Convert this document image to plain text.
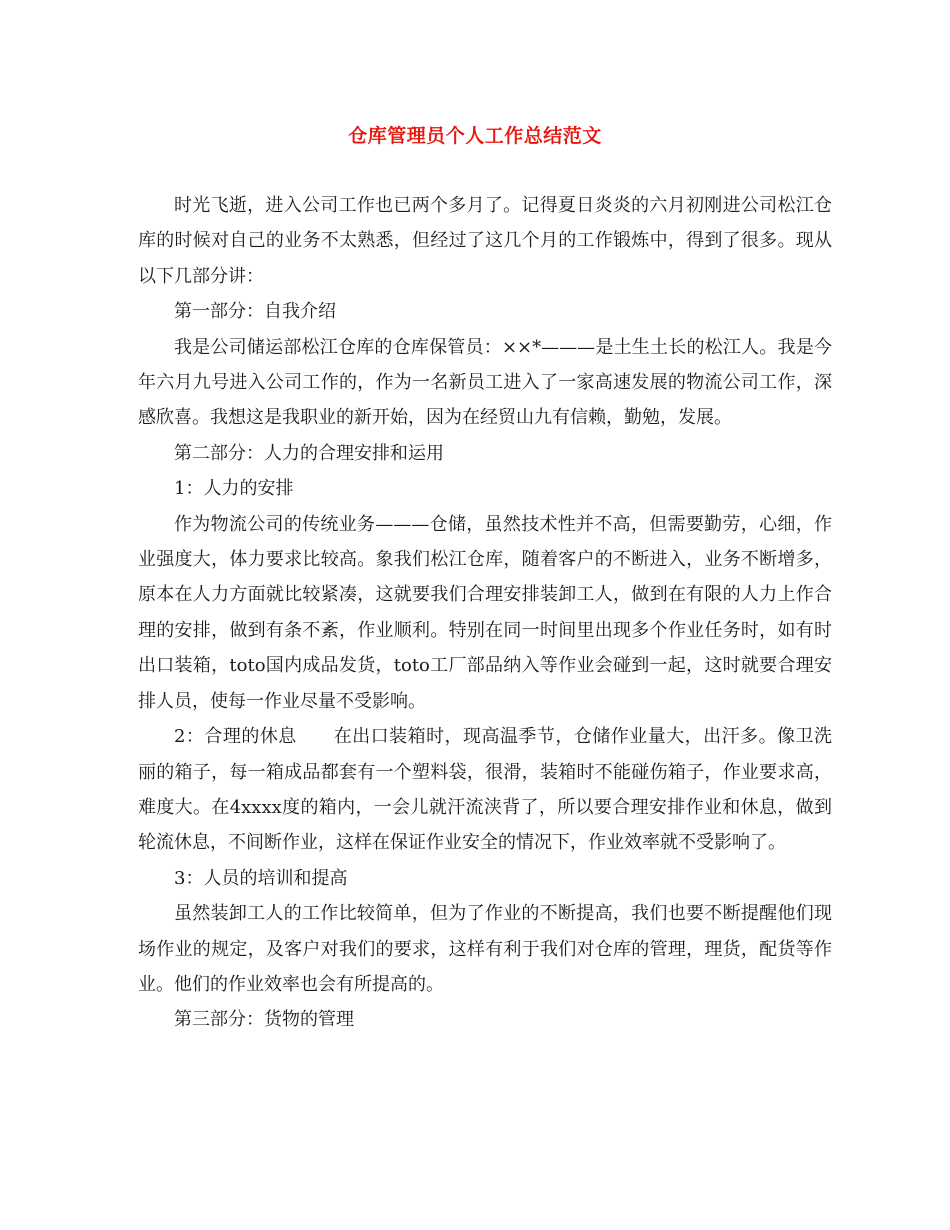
仓库管理员个人工作总结范文

时光飞逝，进入公司工作也已两个多月了。记得夏日炎炎的六月初刚进公司松江仓库的时候对自己的业务不太熟悉，但经过了这几个月的工作锻炼中，得到了很多。现从以下几部分讲：

第一部分：自我介绍

我是公司储运部松江仓库的仓库保管员：××*———是土生土长的松江人。我是今年六月九号进入公司工作的，作为一名新员工进入了一家高速发展的物流公司工作，深感欣喜。我想这是我职业的新开始，因为在经贸山九有信赖，勤勉，发展。

第二部分：人力的合理安排和运用

1：人力的安排

作为物流公司的传统业务———仓储，虽然技术性并不高，但需要勤劳，心细，作业强度大，体力要求比较高。象我们松江仓库，随着客户的不断进入，业务不断增多，原本在人力方面就比较紧凑，这就要我们合理安排装卸工人，做到在有限的人力上作合理的安排，做到有条不紊，作业顺利。特别在同一时间里出现多个作业任务时，如有时出口装箱，toto国内成品发货，toto工厂部品纳入等作业会碰到一起，这时就要合理安排人员，使每一作业尽量不受影响。

2：合理的休息　　在出口装箱时，现高温季节，仓储作业量大，出汗多。像卫洗丽的箱子，每一箱成品都套有一个塑料袋，很滑，装箱时不能碰伤箱子，作业要求高，难度大。在4xxxx度的箱内，一会儿就汗流浃背了，所以要合理安排作业和休息，做到轮流休息，不间断作业，这样在保证作业安全的情况下，作业效率就不受影响了。

3：人员的培训和提高

虽然装卸工人的工作比较简单，但为了作业的不断提高，我们也要不断提醒他们现场作业的规定，及客户对我们的要求，这样有利于我们对仓库的管理，理货，配货等作业。他们的作业效率也会有所提高的。

第三部分：货物的管理
